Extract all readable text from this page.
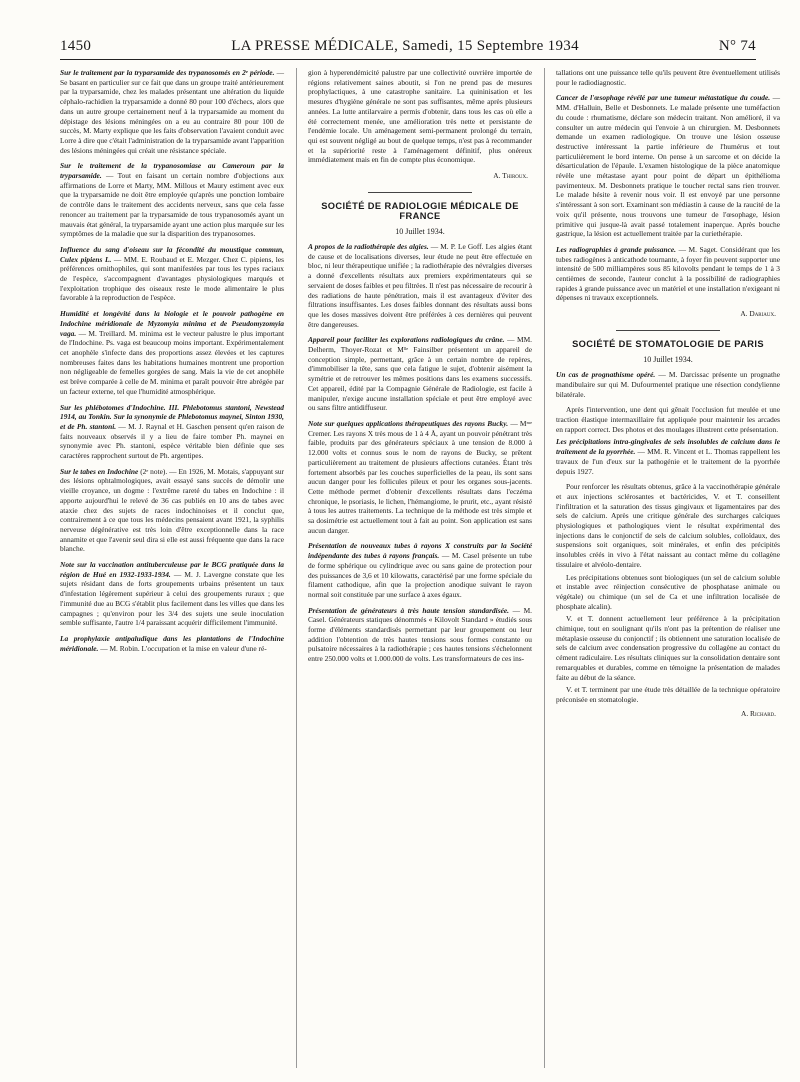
1450	LA PRESSE MÉDICALE, Samedi, 15 Septembre 1934	N° 74

Sur le traitement par la tryparsamide des trypanosomés en 2ᵉ période. — Se basant en particulier sur ce fait que dans un groupe traité antérieurement par la tryparsamide, chez les malades présentant une altération du liquide céphalo-rachidien la tryparsamide a donné 80 pour 100 d'échecs, alors que dans un autre groupe certainement neuf à la tryparsamide au moment du dépistage des lésions méningées on a eu au contraire 80 pour 100 de succès, M. Marty explique que les faits d'observation l'avaient conduit avec Lorre à dire que c'était l'administration de la tryparsamide avant l'apparition des lésions méningées qui créait une résistance spéciale.

Sur le traitement de la trypanosomiase au Cameroun par la tryparsamide. — Tout en faisant un certain nombre d'objections aux affirmations de Lorre et Marty, MM. Millous et Maury estiment avec eux que la tryparsamide ne doit être employée qu'après une ponction lombaire de contrôle dans le traitement des accidents nerveux, sans que cela fasse renoncer au traitement par la tryparsamide de tous trypanosomés ayant un mauvais état général, la tryparsamide ayant une action plus marquée sur les symptômes de la maladie que sur la disparition des trypanosomes.

Influence du sang d'oiseau sur la fécondité du moustique commun, Culex pipiens L. — MM. E. Roubaud et E. Mezger. Chez C. pipiens, les préférences ornithophiles, qui sont manifestées par tous les types raciaux de l'espèce, s'accompagnent d'avantages physiologiques marqués et l'exploitation trophique des oiseaux reste le mode alimentaire le plus favorable à la reproduction de l'espèce.

Humidité et longévité dans la biologie et le pouvoir pathogène en Indochine méridionale de Myzomyia minima et de Pseudomyzomyia vaga. — M. Treillard. M. minima est le vecteur palustre le plus important de l'Indochine. Ps. vaga est beaucoup moins important. Expérimentalement cet anophèle s'infecte dans des proportions assez élevées et les captures nombreuses faites dans les habitations humaines montrent une proportion non négligeable de femelles gorgées de sang. Mais la vie de cet anophèle est brève comparée à celle de M. minima et paraît pouvoir être abrégée par un facteur externe, tel que l'humidité atmosphérique.

Sur les phlébotomes d'Indochine. III. Phlebotomus stantoni, Newstead 1914, au Tonkin. Sur la synonymie de Phlebotomus maynei, Sinton 1930, et de Ph. stantoni. — M. J. Raynal et H. Gaschen pensent qu'en raison de faits nouveaux observés il y a lieu de faire tomber Ph. maynei en synonymie avec Ph. stantoni, espèce véritable bien définie que ses caractères rapprochent surtout de Ph. argentipes.

Sur le tabes en Indochine (2ᵉ note). — En 1926, M. Motais, s'appuyant sur des lésions ophtalmologiques, avait essayé sans succès de démolir une vieille croyance, un dogme : l'extrême rareté du tabes en Indochine : il apporte aujourd'hui le relevé de 36 cas publiés en 10 ans de tabes avec ataxie chez des sujets de races indochinoises et il conclut que, contrairement à ce que tous les médecins pensaient avant 1921, la syphilis nerveuse dégénérative est très loin d'être exceptionnelle dans la race annamite et que l'avenir seul dira si elle est aussi fréquente que dans la race blanche.

Note sur la vaccination antituberculeuse par le BCG pratiquée dans la région de Hué en 1932-1933-1934. — M. J. Lavergne constate que les sujets résidant dans de forts groupements urbains présentent un taux d'infestation légèrement supérieur à celui des groupements ruraux ; que l'immunité due au BCG s'établit plus facilement dans les villes que dans les campagnes ; qu'environ pour les 3/4 des sujets une seule inoculation semble suffisante, l'autre 1/4 paraissant acquérir difficilement l'immunité.

La prophylaxie antipaludique dans les plantations de l'Indochine méridionale. — M. Robin. L'occupation et la mise en valeur d'une ré-

gion à hyperendémicité palustre par une collectivité ouvrière importée de régions relativement saines aboutit, si l'on ne prend pas de mesures prophylactiques, à une catastrophe sanitaire. La quininisation et les mesures d'hygiène générale ne sont pas suffisantes, même après plusieurs années. La lutte antilarvaire a permis d'obtenir, dans tous les cas où elle a été correctement menée, une amélioration très nette et persistante de l'endémie locale. Un aménagement semi-permanent prolongé du terrain, qui est souvent négligé au bout de quelque temps, n'est pas à recommander et la supériorité reste à l'aménagement définitif, plus onéreux immédiatement mais en fin de compte plus économique.

A. Thiroux.
SOCIÉTÉ DE RADIOLOGIE MÉDICALE DE FRANCE
10 Juillet 1934.

A propos de la radiothérapie des algies. — M. P. Le Goff. Les algies étant de cause et de localisations diverses, leur étude ne peut être effectuée en bloc, ni leur thérapeutique unifiée ; la radiothérapie des névralgies diverses a donné d'excellents résultats aux premiers expérimentateurs qui se servaient de doses faibles et peu filtrées. Il n'est pas nécessaire de recourir à des radiations de haute pénétration, mais il est avantageux d'éviter des filtrations insuffisantes. Les doses faibles donnant des résultats aussi bons que les doses massives doivent être préférées à ces dernières qui peuvent être dangereuses.

Appareil pour faciliter les explorations radiologiques du crâne. — MM. Delherm, Thoyer-Rozat et Mˡˡᵉ Fainsilber présentent un appareil de conception simple, permettant, grâce à un certain nombre de repères, d'immobiliser la tête, sans que cela fatigue le sujet, d'obtenir aisément la symétrie et de retrouver les mêmes positions dans les examens successifs. Cet appareil, édité par la Compagnie Générale de Radiologie, est facile à manipuler, n'exige aucune installation spéciale et peut être employé avec ou sans filtre antidiffuseur.

Note sur quelques applications thérapeutiques des rayons Bucky. — Mᵐᵉ Cremer. Les rayons X très mous de 1 à 4 Å, ayant un pouvoir pénétrant très faible, produits par des générateurs spéciaux à une tension de 8.000 à 12.000 volts et connus sous le nom de rayons de Bucky, se prêtent particulièrement au traitement de plusieurs affections cutanées. Étant très fortement absorbés par les couches superficielles de la peau, ils sont sans aucun danger pour les follicules pileux et pour les organes sous-jacents. Cette méthode permet d'obtenir d'excellents résultats dans l'eczéma chronique, le psoriasis, le lichen, l'hémangiome, le prurit, etc., ayant résisté à tous les autres traitements. La technique de la méthode est très simple et sa dosimétrie est actuellement tout à fait au point. Son application est sans aucun danger.

Présentation de nouveaux tubes à rayons X construits par la Société indépendante des tubes à rayons français. — M. Casel présente un tube de forme sphérique ou cylindrique avec ou sans gaine de protection pour des puissances de 3,6 et 10 kilowatts, caractérisé par une forme spéciale du filament cathodique, afin que la projection anodique suivant le rayon normal soit constituée par une surface à axes égaux.

Présentation de générateurs à très haute tension standardisée. — M. Casel. Générateurs statiques dénommés « Kilovolt Standard » étudiés sous forme d'éléments standardisés permettant par leur groupement ou leur addition l'obtention de très hautes tensions sous formes constante ou pulsatoire nécessaires à la radiothérapie ; ces hautes tensions s'échelonnent entre 250.000 volts et 1.000.000 de volts. Les transformateurs de ces ins-

tallations ont une puissance telle qu'ils peuvent être éventuellement utilisés pour le radiodiagnostic.

Cancer de l'œsophage révélé par une tumeur métastatique du coude. — MM. d'Halluin, Belle et Desbonnets. Le malade présente une tuméfaction du coude : rhumatisme, déclare son médecin traitant. Non amélioré, il va consulter un autre médecin qui l'envoie à un chirurgien. M. Desbonnets demande un examen radiologique. On trouve une lésion osseuse destructive intéressant la partie inférieure de l'humérus et tout particulièrement le bord interne. On pense à un sarcome et on décide la désarticulation de l'épaule. L'examen histologique de la pièce anatomique révèle une métastase ayant pour point de départ un épithélioma pavimenteux. M. Desbonnets pratique le toucher rectal sans rien trouver. Le malade hésite à revenir nous voir. Il est envoyé par une personne s'intéressant à son sort. Examinant son médiastin à cause de la raucité de la voix qu'il présente, nous trouvons une tumeur de l'œsophage, lésion primitive qui jusque-là avait passé totalement inaperçue. Après bouche gastrique, la lésion est actuellement traitée par la curiethérapie.

Les radiographies à grande puissance. — M. Saget. Considérant que les tubes radiogènes à anticathode tournante, à foyer fin peuvent supporter une intensité de 500 milliampères sous 85 kilovolts pendant le temps de 1 à 3 centièmes de seconde, l'auteur conclut à la possibilité de radiographies rapides à grande puissance avec un matériel et une installation n'exigeant ni dépenses ni travaux exceptionnels.

A. Dariaux.
SOCIÉTÉ DE STOMATOLOGIE DE PARIS
10 Juillet 1934.

Un cas de prognathisme opéré. — M. Darcissac présente un prognathe mandibulaire sur qui M. Dufourmentel pratique une résection condylienne bilatérale.

Après l'intervention, une dent qui gênait l'occlusion fut meulée et une traction élastique intermaxillaire fut appliquée pour maintenir les arcades en rapport correct. Des photos et des moulages illustrent cette présentation.

Les précipitations intra-gingivales de sels insolubles de calcium dans le traitement de la pyorrhée. — MM. R. Vincent et L. Thomas rappellent les travaux de l'un d'eux sur la pathogénie et le traitement de la pyorrhée depuis 1927.

Pour renforcer les résultats obtenus, grâce à la vaccinothérapie générale et aux injections sclérosantes et bactéricides, V. et T. conseillent l'infiltration et la saturation des tissus gingivaux et ligamentaires par des sels de calcium. Après une critique générale des surcharges calciques physiologiques et pathologiques vient le résultat expérimental des injections dans le conjonctif de sels de calcium solubles, colloïdaux, des suspensions soit organiques, soit minérales, et enfin des précipités insolubles créés in vivo à l'état naissant au contact même du collagène tissulaire et alvéolo-dentaire.

Les précipitations obtenues sont biologiques (un sel de calcium soluble et instable avec réinjection consécutive de phosphatase animale ou végétale) ou chimique (un sel de Ca et une infiltration localisée de phosphate alcalin).

V. et T. donnent actuellement leur préférence à la précipitation chimique, tout en soulignant qu'ils n'ont pas la prétention de réaliser une métaplasie osseuse du conjonctif ; ils obtiennent une saturation localisée de sels de calcium avec condensation progressive du collagène au contact du cément radiculaire. Les résultats cliniques sur la consolidation dentaire sont remarquables et durables, comme en témoigne la présentation de malades faite au début de la séance.

V. et T. terminent par une étude très détaillée de la technique opératoire préconisée en stomatologie.

A. Richard.
